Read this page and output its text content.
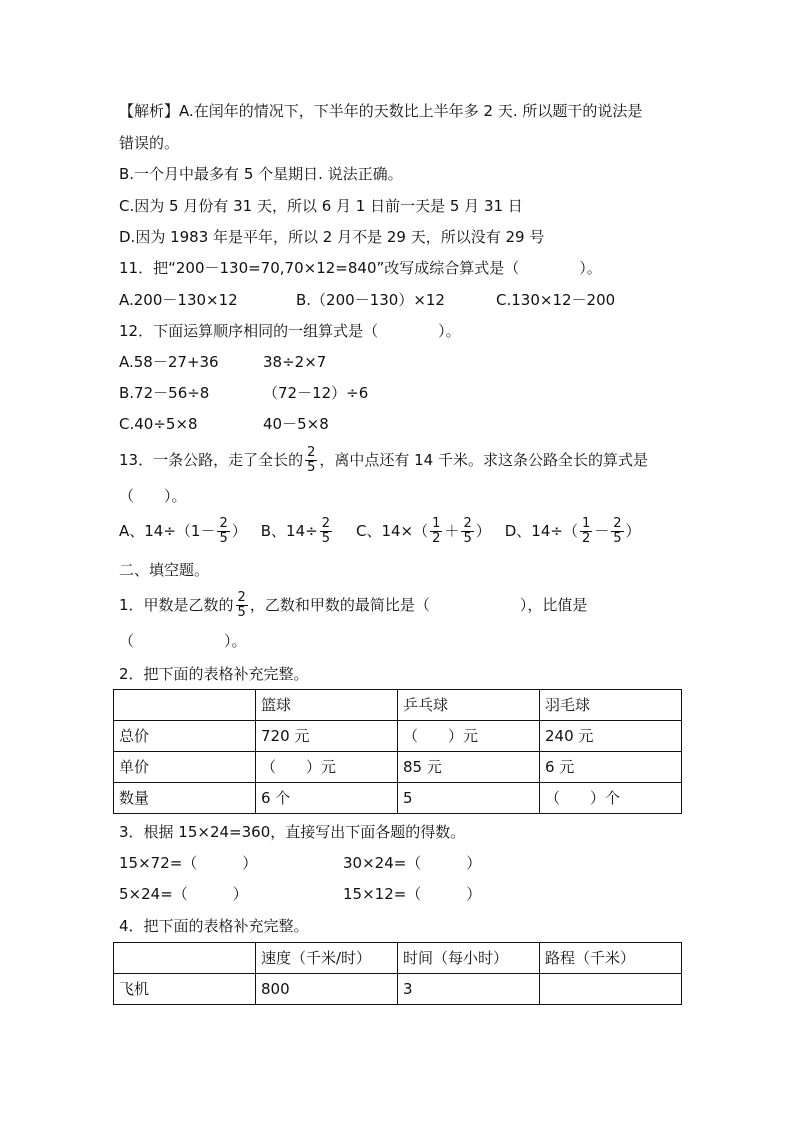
【解析】A.在闰年的情况下，下半年的天数比上半年多 2 天. 所以题干的说法是
错误的。
B.一个月中最多有 5 个星期日. 说法正确。
C.因为 5 月份有 31 天，所以 6 月 1 日前一天是 5 月 31 日
D.因为 1983 年是平年，所以 2 月不是 29 天，所以没有 29 号
11．把“200－130=70,70×12=840”改写成综合算式是（　　　　）。
A.200－130×12	B.（200－130）×12	C.130×12－200
12．下面运算顺序相同的一组算式是（　　　　）。
A.58－27+36	38÷2×7
B.72－56÷8	（72－12）÷6
C.40÷5×8	40－5×8
13．一条公路，走了全长的 $\frac{2}{5}$ ，离中点还有 14 千米。求这条公路全长的算式是
（　　）。
A、$14\div(1- \frac{2}{5}$ ） B、$14\div \frac{2}{5}$ C、$14\times( \frac{1}{2} + \frac{2}{5}$ ） D、$14\div( \frac{1}{2} - \frac{2}{5}$ ）
二、填空题。
1．甲数是乙数的 $\frac{2}{5}$ ，乙数和甲数的最简比是（　　　　　　），比值是
（　　　　　　）。
2．把下面的表格补充完整。
	篮球	乒乓球	羽毛球
总价	720 元	（　　）元	240 元
单价	（　　）元	85 元	6 元
数量	6 个	5	（　　）个
3．根据 15×24=360，直接写出下面各题的得数。
15×72=（　　　）	30×24=（　　　）
5×24=（　　　）	15×12=（　　　）
4．把下面的表格补充完整。
	速度（千米/时）	时间（每小时）	路程（千米）
飞机	800	3	
